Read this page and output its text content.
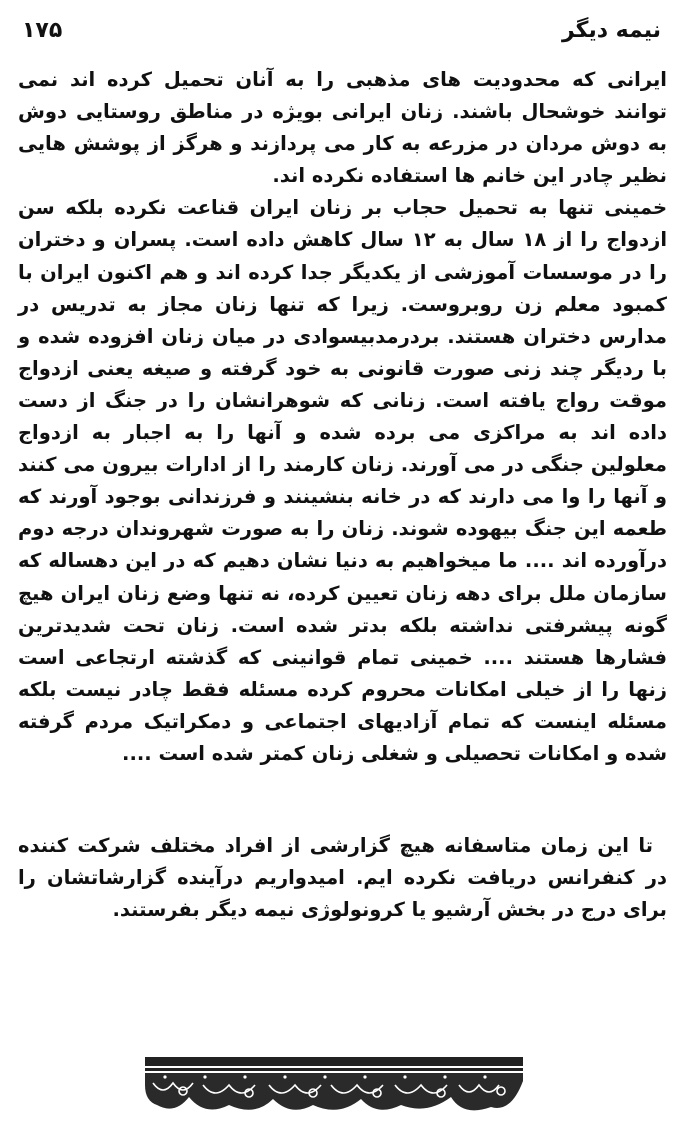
۱۷۵	نیمه دیگر

ایرانی که محدودیت های مذهبی را به آنان تحمیل کرده اند نمی توانند خوشحال باشند. زنان ایرانی بویژه در مناطق روستایی دوش به دوش مردان در مزرعه به کار می پردازند و هرگز از پوشش هایی نظیر چادر این خانم ها استفاده نکرده اند.

خمینی تنها به تحمیل حجاب بر زنان ایران قناعت نکرده بلکه سن ازدواج را از ۱۸ سال به ۱۲ سال کاهش داده است. پسران و دختران را در موسسات آموزشی از یکدیگر جدا کرده اند و هم اکنون ایران با کمبود معلم زن روبروست. زیرا که تنها زنان مجاز به تدریس در مدارس دختران هستند. بردرمدبیسوادی در میان زنان افزوده شده و با ردیگر چند زنی صورت قانونی به خود گرفته و صیغه یعنی ازدواج موقت رواج یافته است. زنانی که شوهرانشان را در جنگ از دست داده اند به مراکزی می برده شده و آنها را به اجبار به ازدواج معلولین جنگی در می آورند. زنان کارمند را از ادارات بیرون می کنند و آنها را وا می دارند که در خانه بنشینند و فرزندانی بوجود آورند که طعمه این جنگ بیهوده شوند. زنان را به صورت شهروندان درجه دوم درآورده اند .... ما میخواهیم به دنیا نشان دهیم که در این دهساله که سازمان ملل برای دهه زنان تعیین کرده، نه تنها وضع زنان ایران هیچ گونه پیشرفتی نداشته بلکه بدتر شده است. زنان تحت شدیدترین فشارها هستند .... خمینی تمام قوانینی که گذشته ارتجاعی است زنها را از خیلی امکانات محروم کرده مسئله فقط چادر نیست بلکه مسئله اینست که تمام آزادیهای اجتماعی و دمکراتیک مردم گرفته شده و امکانات تحصیلی و شغلی زنان کمتر شده است ....

تا این زمان متاسفانه هیچ گزارشی از افراد مختلف شرکت کننده در کنفرانس دریافت نکرده ایم. امیدواریم درآینده گزارشاتشان را برای درج در بخش آرشیو یا کرونولوژی نیمه دیگر بفرستند.
